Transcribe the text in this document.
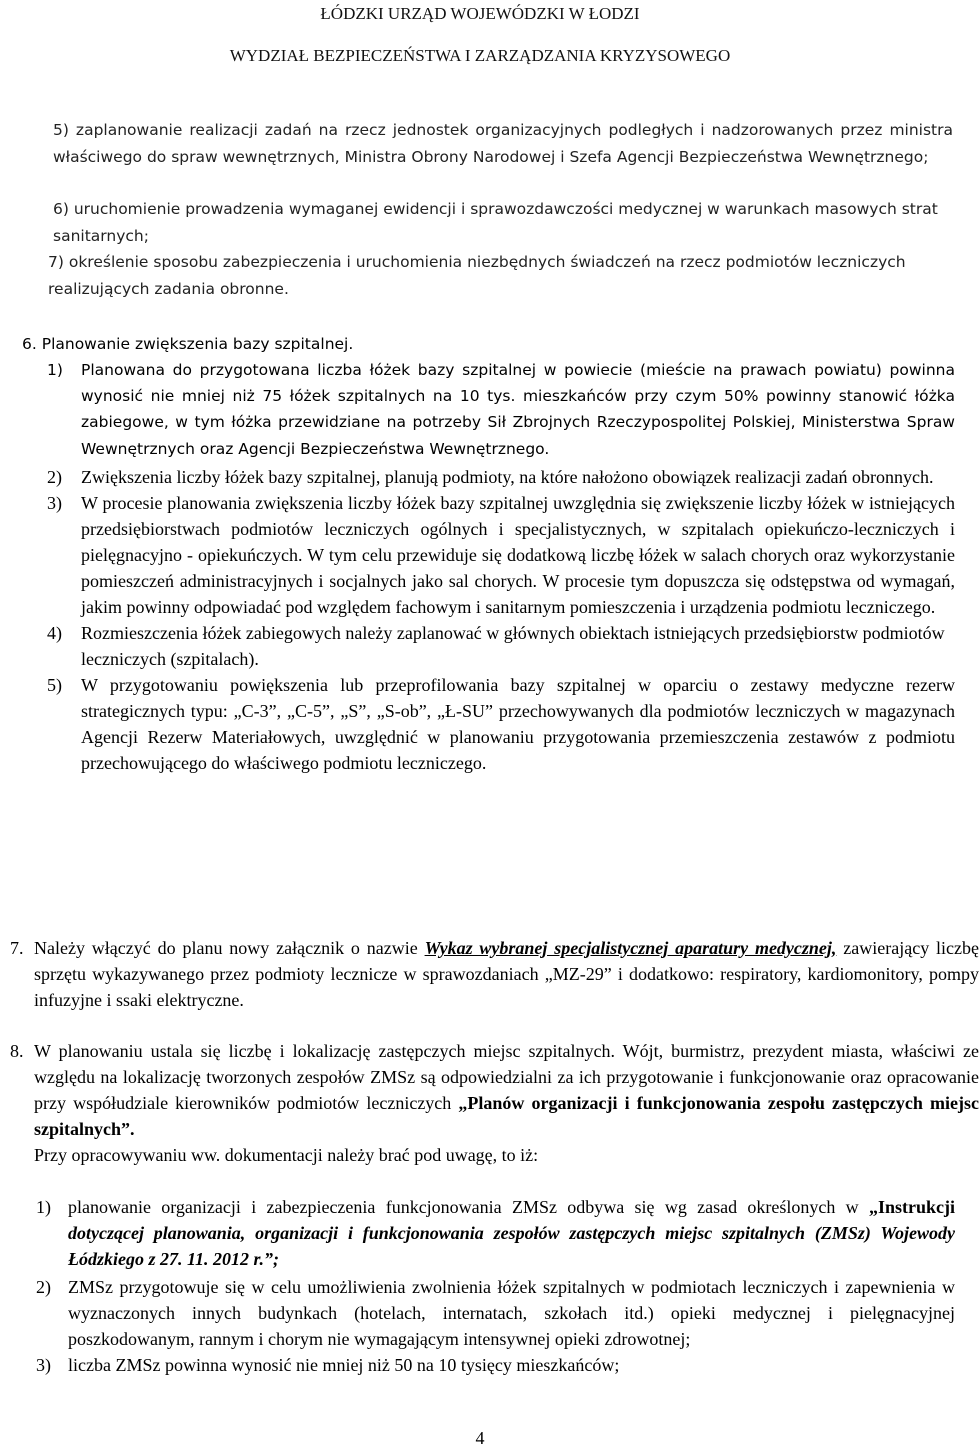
ŁÓDZKI URZĄD WOJEWÓDZKI W ŁODZI
WYDZIAŁ BEZPIECZEŃSTWA I ZARZĄDZANIA KRYZYSOWEGO
5) zaplanowanie realizacji zadań na rzecz jednostek organizacyjnych podległych i nadzorowanych przez ministra właściwego do spraw wewnętrznych, Ministra Obrony Narodowej i Szefa Agencji Bezpieczeństwa Wewnętrznego;
6) uruchomienie prowadzenia wymaganej ewidencji i sprawozdawczości medycznej w warunkach masowych strat sanitarnych;
7) określenie sposobu zabezpieczenia i uruchomienia niezbędnych świadczeń na rzecz podmiotów leczniczych realizujących zadania obronne.
6. Planowanie zwiększenia bazy szpitalnej.
1) Planowana do przygotowana liczba łóżek bazy szpitalnej w powiecie (mieście na prawach powiatu) powinna wynosić nie mniej niż 75 łóżek szpitalnych na 10 tys. mieszkańców przy czym 50% powinny stanowić łóżka zabiegowe, w tym łóżka przewidziane na potrzeby Sił Zbrojnych Rzeczypospolitej Polskiej, Ministerstwa Spraw Wewnętrznych oraz Agencji Bezpieczeństwa Wewnętrznego.
2) Zwiększenia liczby łóżek bazy szpitalnej, planują podmioty, na które nałożono obowiązek realizacji zadań obronnych.
3) W procesie planowania zwiększenia liczby łóżek bazy szpitalnej uwzględnia się zwiększenie liczby łóżek w istniejących przedsiębiorstwach podmiotów leczniczych ogólnych i specjalistycznych, w szpitalach opiekuńczo-leczniczych i pielęgnacyjno - opiekuńczych. W tym celu przewiduje się dodatkową liczbę łóżek w salach chorych oraz wykorzystanie pomieszczeń administracyjnych i socjalnych jako sal chorych. W procesie tym dopuszcza się odstępstwa od wymagań, jakim powinny odpowiadać pod względem fachowym i sanitarnym pomieszczenia i urządzenia podmiotu leczniczego.
4) Rozmieszczenia łóżek zabiegowych należy zaplanować w głównych obiektach istniejących przedsiębiorstw podmiotów leczniczych (szpitalach).
5) W przygotowaniu powiększenia lub przeprofilowania bazy szpitalnej w oparciu o zestawy medyczne rezerw strategicznych typu: „C-3”, „C-5”, „S”, „S-ob”, „Ł-SU” przechowywanych dla podmiotów leczniczych w magazynach Agencji Rezerw Materiałowych, uwzględnić w planowaniu przygotowania przemieszczenia zestawów z podmiotu przechowującego do właściwego podmiotu leczniczego.
7. Należy włączyć do planu nowy załącznik o nazwie Wykaz wybranej specjalistycznej aparatury medycznej, zawierający liczbę sprzętu wykazywanego przez podmioty lecznicze w sprawozdaniach „MZ-29” i dodatkowo: respiratory, kardiomonitory, pompy infuzyjne i ssaki elektryczne.
8. W planowaniu ustala się liczbę i lokalizację zastępczych miejsc szpitalnych. Wójt, burmistrz, prezydent miasta, właściwi ze względu na lokalizację tworzonych zespołów ZMSz są odpowiedzialni za ich przygotowanie i funkcjonowanie oraz opracowanie przy współudziale kierowników podmiotów leczniczych „Planów organizacji i funkcjonowania zespołu zastępczych miejsc szpitalnych”.
Przy opracowywaniu ww. dokumentacji należy brać pod uwagę, to iż:
1) planowanie organizacji i zabezpieczenia funkcjonowania ZMSz odbywa się wg zasad określonych w „Instrukcji dotyczącej planowania, organizacji i funkcjonowania zespołów zastępczych miejsc szpitalnych (ZMSz) Wojewody Łódzkiego z 27. 11. 2012 r.”;
2) ZMSz przygotowuje się w celu umożliwienia zwolnienia łóżek szpitalnych w podmiotach leczniczych i zapewnienia w wyznaczonych innych budynkach (hotelach, internatach, szkołach itd.) opieki medycznej i pielęgnacyjnej poszkodowanym, rannym i chorym nie wymagającym intensywnej opieki zdrowotnej;
3) liczba ZMSz powinna wynosić nie mniej niż 50 na 10 tysięcy mieszkańców;
4
